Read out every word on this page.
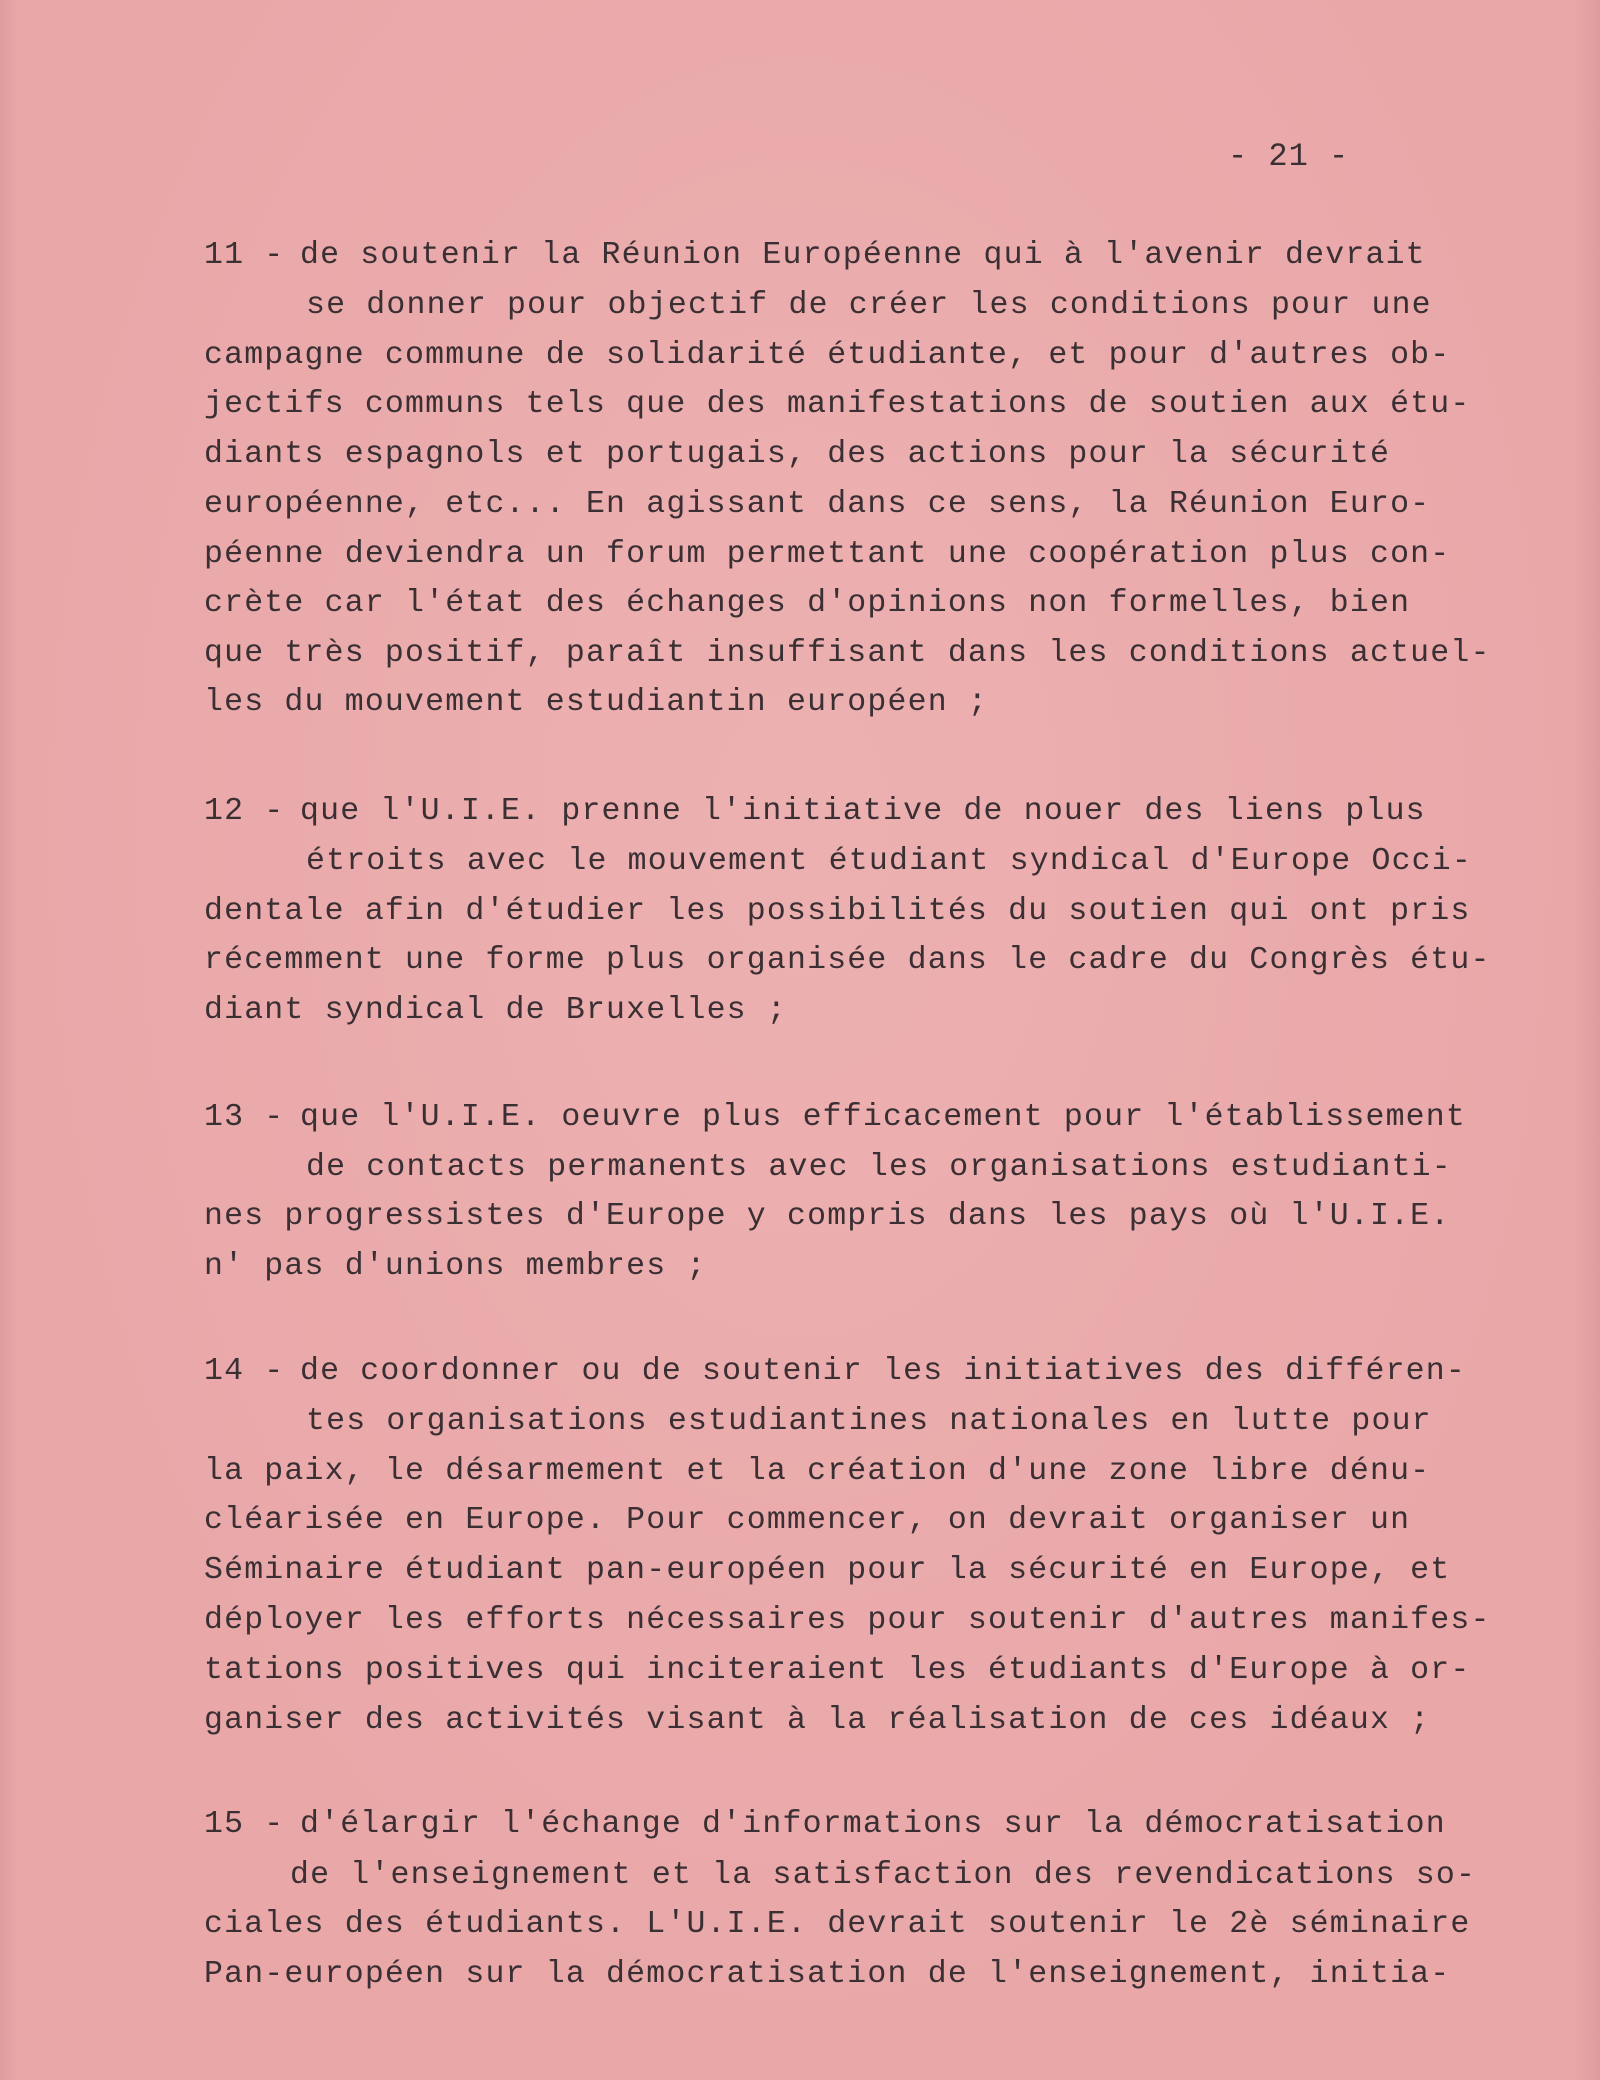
- 21 -
11 - de soutenir la Réunion Européenne qui à l'avenir devrait
se donner pour objectif de créer les conditions pour une
campagne commune de solidarité étudiante, et pour d'autres ob-
jectifs communs tels que des manifestations de soutien aux étu-
diants espagnols et portugais, des actions pour la sécurité
européenne, etc... En agissant dans ce sens, la Réunion Euro-
péenne deviendra un forum permettant une coopération plus con-
crète car l'état des échanges d'opinions non formelles, bien
que très positif, paraît insuffisant dans les conditions actuel-
les du mouvement estudiantin européen ;
12 - que l'U.I.E. prenne l'initiative de nouer des liens plus
étroits avec le mouvement étudiant syndical d'Europe Occi-
dentale afin d'étudier les possibilités du soutien qui ont pris
récemment une forme plus organisée dans le cadre du Congrès étu-
diant syndical de Bruxelles ;
13 - que l'U.I.E. oeuvre plus efficacement pour l'établissement
de contacts permanents avec les organisations estudianti-
nes progressistes d'Europe y compris dans les pays où l'U.I.E.
n' pas d'unions membres ;
14 - de coordonner ou de soutenir les initiatives des différen-
tes organisations estudiantines nationales en lutte pour
la paix, le désarmement et la création d'une zone libre dénu-
cléarisée en Europe. Pour commencer, on devrait organiser un
Séminaire étudiant pan-européen pour la sécurité en Europe, et
déployer les efforts nécessaires pour soutenir d'autres manifes-
tations positives qui inciteraient les étudiants d'Europe à or-
ganiser des activités visant à la réalisation de ces idéaux ;
15 - d'élargir l'échange d'informations sur la démocratisation
de l'enseignement et la satisfaction des revendications so-
ciales des étudiants. L'U.I.E. devrait soutenir le 2è séminaire
Pan-européen sur la démocratisation de l'enseignement, initia-
